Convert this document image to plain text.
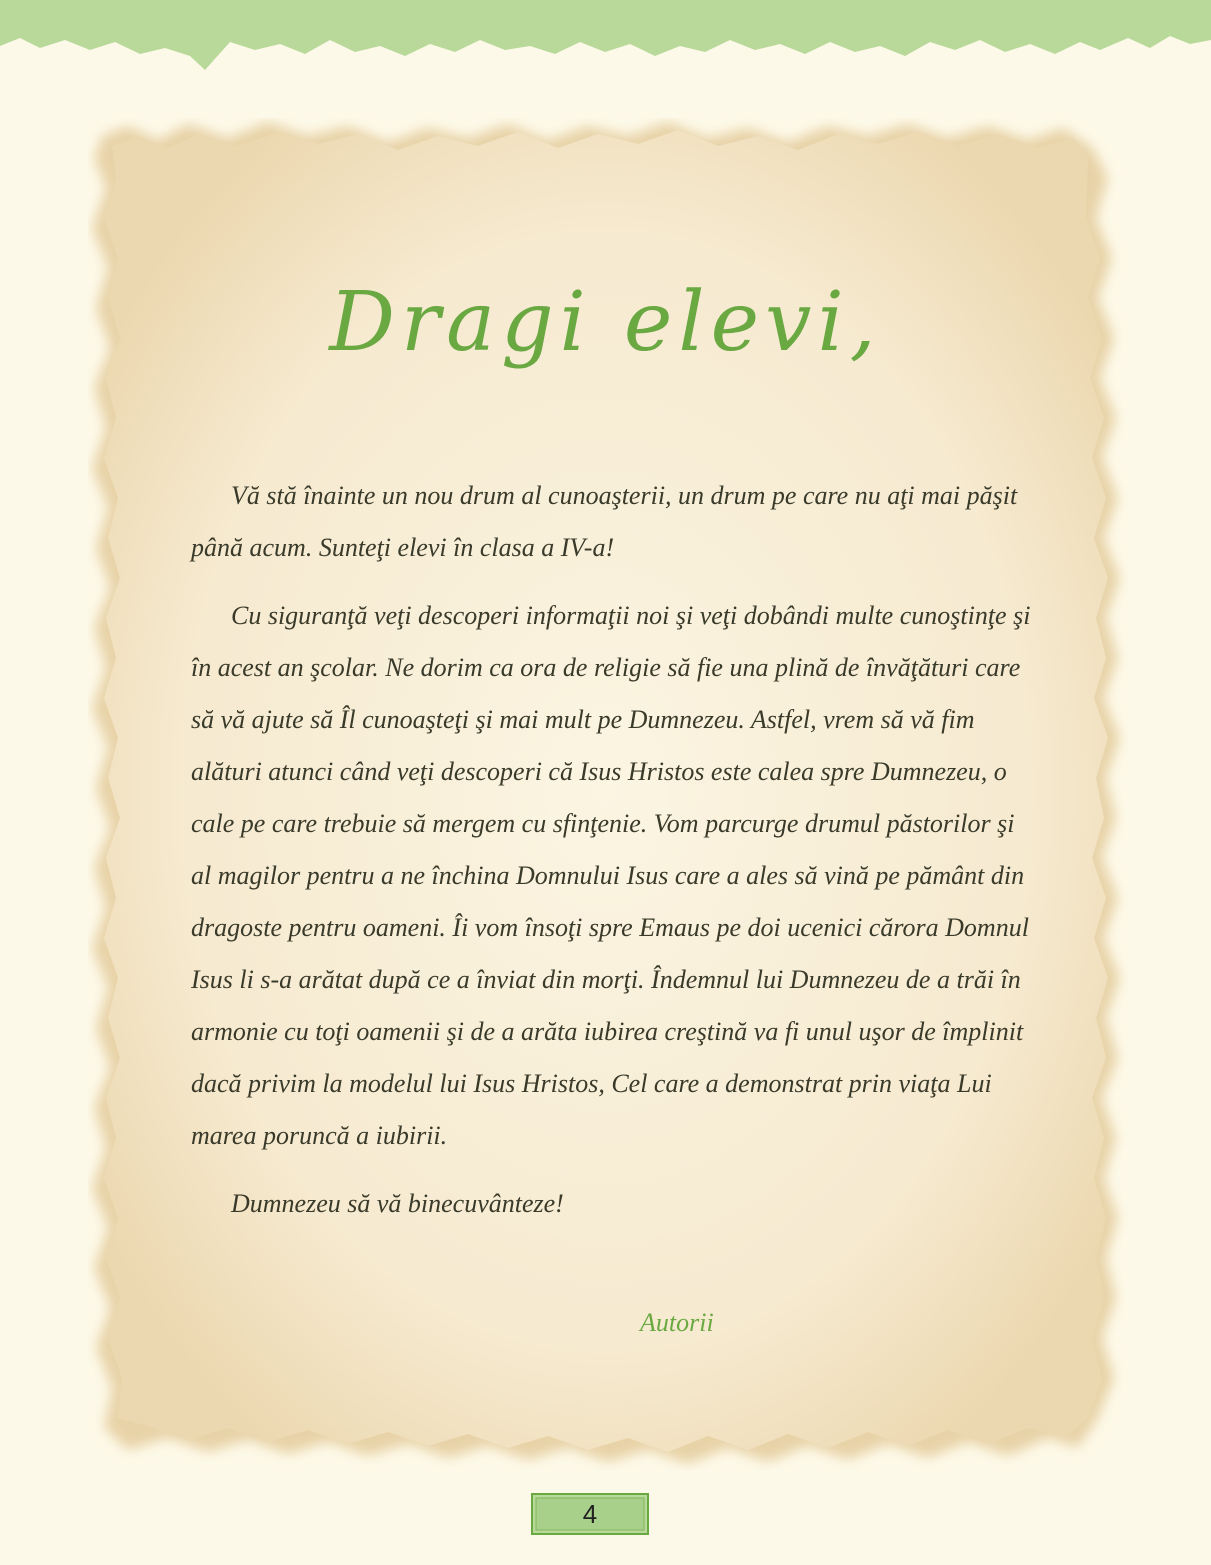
Dragi elevi,

Vă stă înainte un nou drum al cunoaşterii, un drum pe care nu aţi mai păşit până acum. Sunteţi elevi în clasa a IV-a!

Cu siguranţă veţi descoperi informaţii noi şi veţi dobândi multe cunoştinţe şi în acest an şcolar. Ne dorim ca ora de religie să fie una plină de învăţături care să vă ajute să Îl cunoaşteţi şi mai mult pe Dumnezeu. Astfel, vrem să vă fim alături atunci când veţi descoperi că Isus Hristos este calea spre Dumnezeu, o cale pe care trebuie să mergem cu sfinţenie. Vom parcurge drumul păstorilor şi al magilor pentru a ne închina Domnului Isus care a ales să vină pe pământ din dragoste pentru oameni. Îi vom însoţi spre Emaus pe doi ucenici cărora Domnul Isus li s-a arătat după ce a înviat din morţi. Îndemnul lui Dumnezeu de a trăi în armonie cu toţi oamenii şi de a arăta iubirea creştină va fi unul uşor de împlinit dacă privim la modelul lui Isus Hristos, Cel care a demonstrat prin viaţa Lui marea poruncă a iubirii.

Dumnezeu să vă binecuvânteze!

Autorii
4
